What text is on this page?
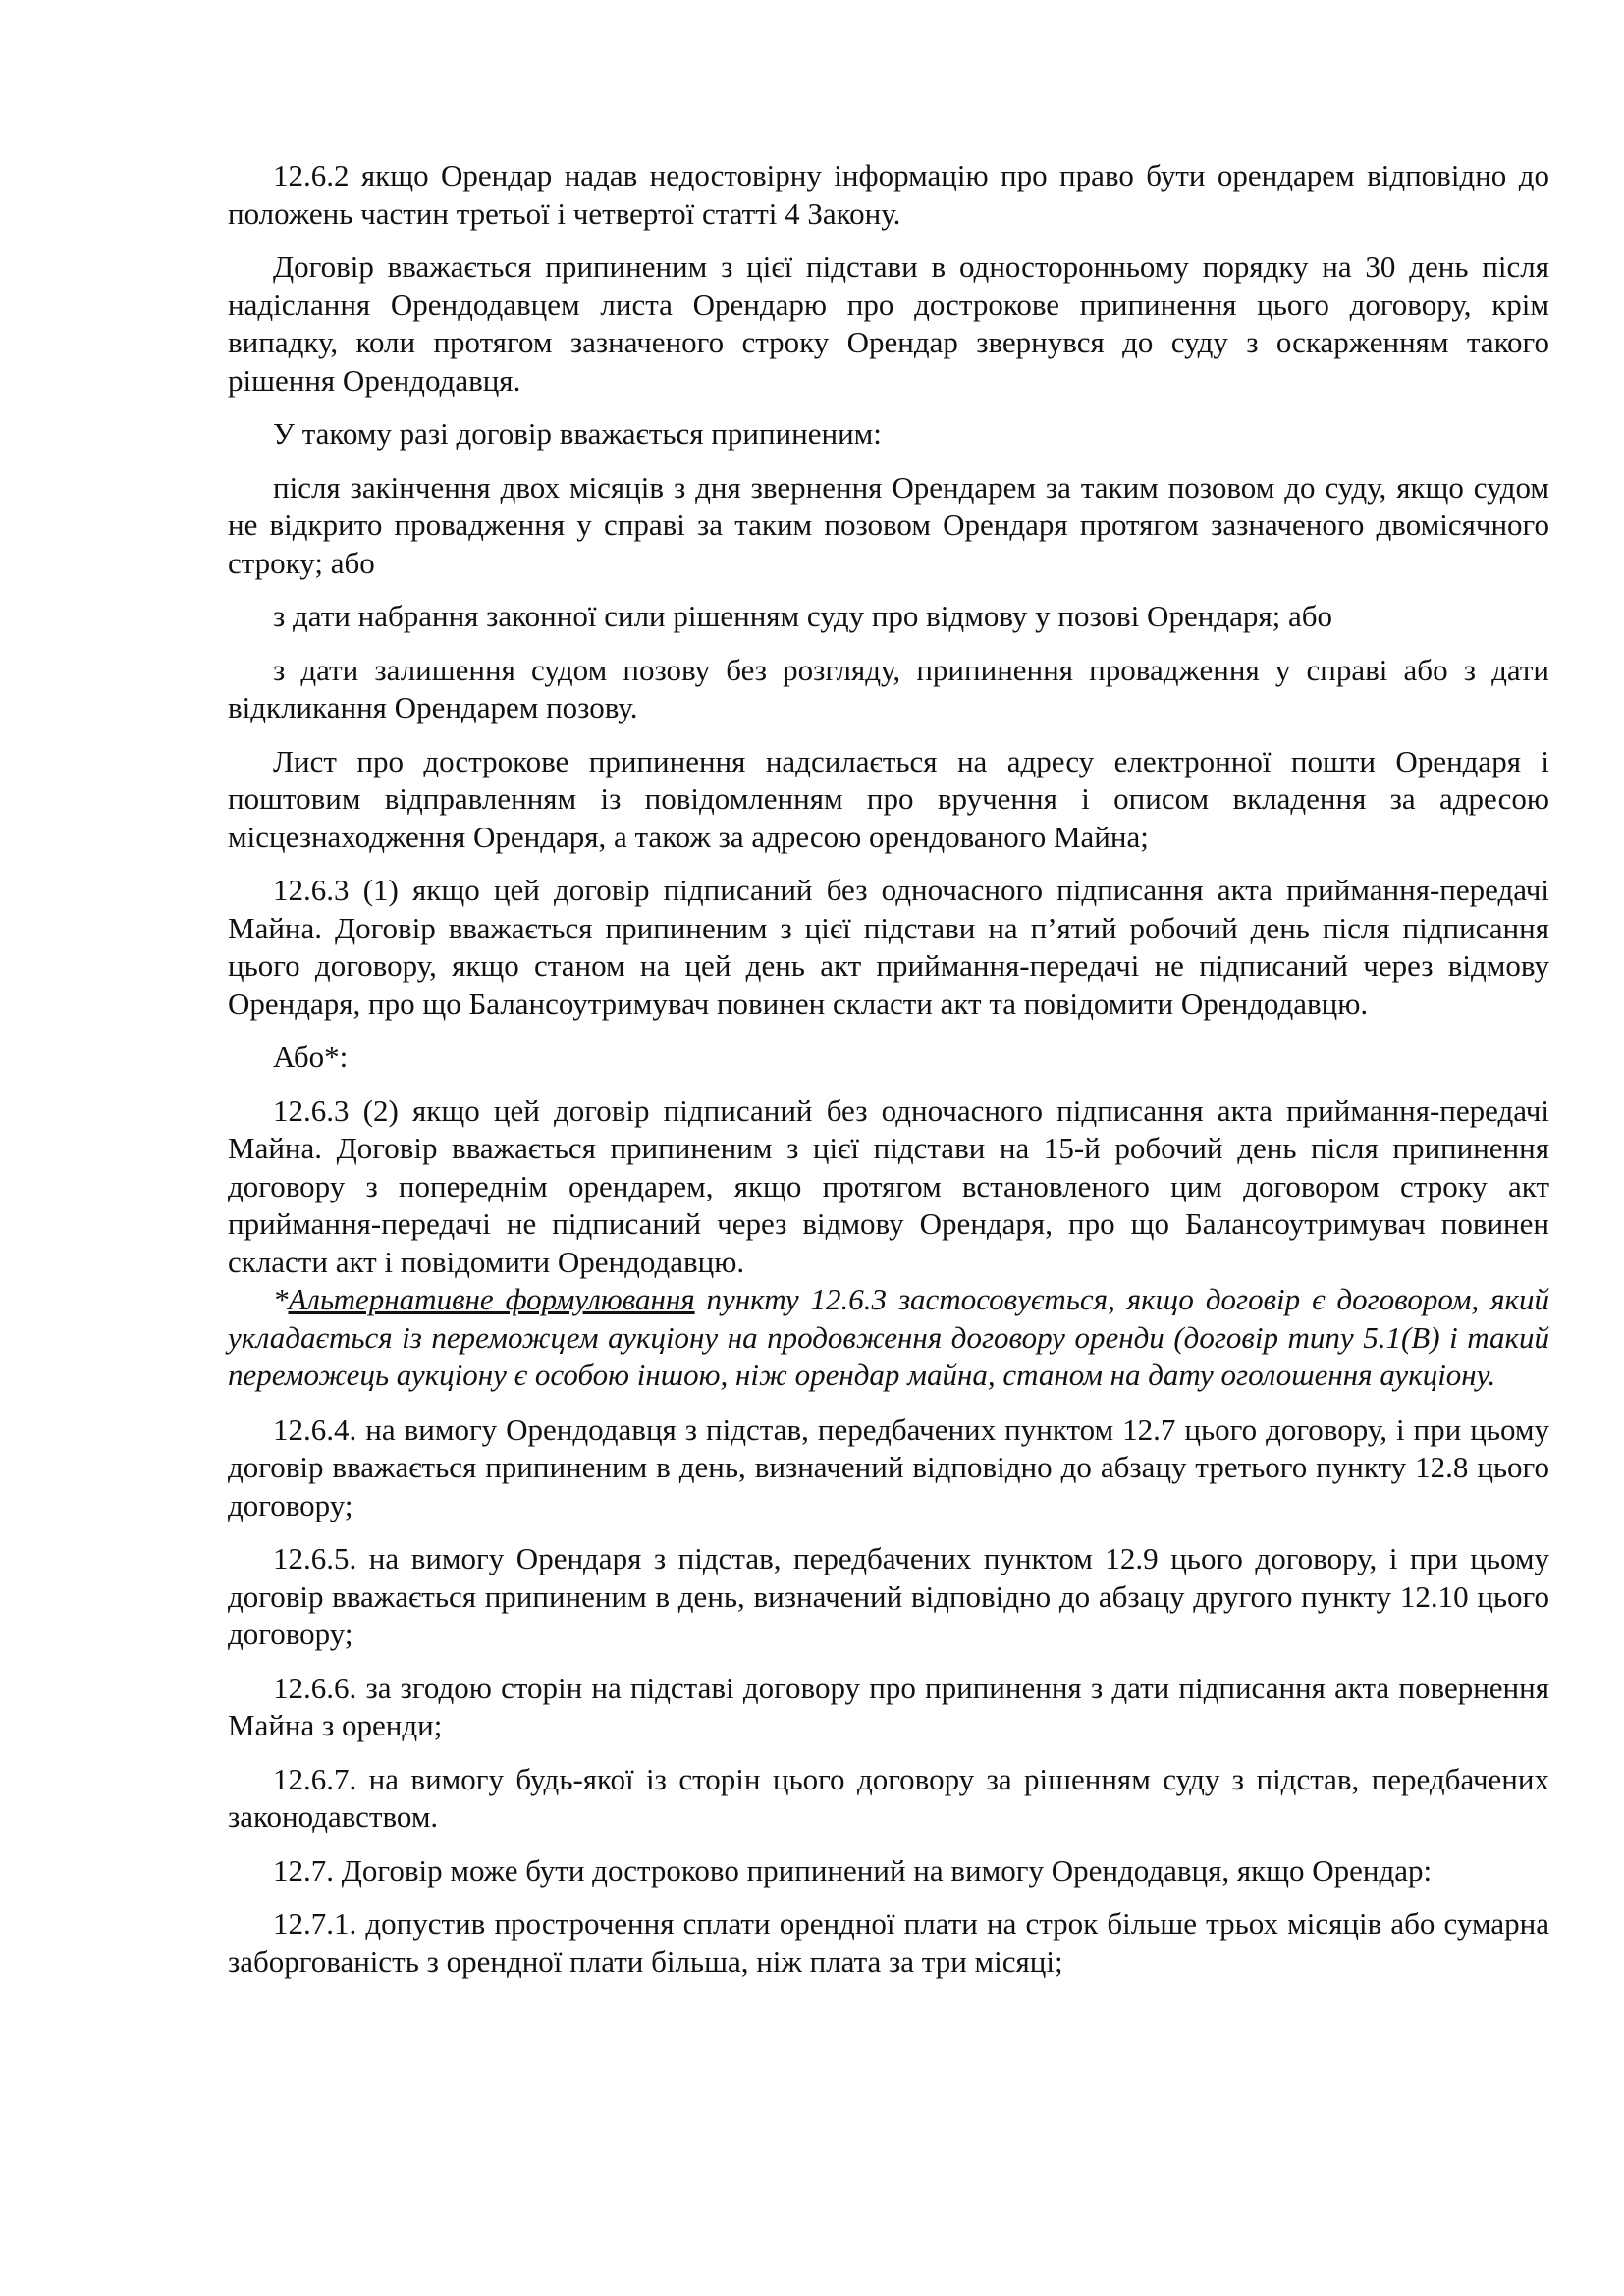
12.6.2 якщо Орендар надав недостовірну інформацію про право бути орендарем відповідно до положень частин третьої і четвертої статті 4 Закону.

Договір вважається припиненим з цієї підстави в односторонньому порядку на 30 день після надіслання Орендодавцем листа Орендарю про дострокове припинення цього договору, крім випадку, коли протягом зазначеного строку Орендар звернувся до суду з оскарженням такого рішення Орендодавця.

У такому разі договір вважається припиненим:

після закінчення двох місяців з дня звернення Орендарем за таким позовом до суду, якщо судом не відкрито провадження у справі за таким позовом Орендаря протягом зазначеного двомісячного строку; або

з дати набрання законної сили рішенням суду про відмову у позові Орендаря; або

з дати залишення судом позову без розгляду, припинення провадження у справі або з дати відкликання Орендарем позову.

Лист про дострокове припинення надсилається на адресу електронної пошти Орендаря і поштовим відправленням із повідомленням про вручення і описом вкладення за адресою місцезнаходження Орендаря, а також за адресою орендованого Майна;

12.6.3 (1) якщо цей договір підписаний без одночасного підписання акта приймання-передачі Майна. Договір вважається припиненим з цієї підстави на п’ятий робочий день після підписання цього договору, якщо станом на цей день акт приймання-передачі не підписаний через відмову Орендаря, про що Балансоутримувач повинен скласти акт та повідомити Орендодавцю.

Або*:

12.6.3 (2) якщо цей договір підписаний без одночасного підписання акта приймання-передачі Майна. Договір вважається припиненим з цієї підстави на 15-й робочий день після припинення договору з попереднім орендарем, якщо протягом встановленого цим договором строку акт приймання-передачі не підписаний через відмову Орендаря, про що Балансоутримувач повинен скласти акт і повідомити Орендодавцю.

*Альтернативне формулювання пункту 12.6.3 застосовується, якщо договір є договором, який укладається із переможцем аукціону на продовження договору оренди (договір типу 5.1(В) і такий переможець аукціону є особою іншою, ніж орендар майна, станом на дату оголошення аукціону.

12.6.4. на вимогу Орендодавця з підстав, передбачених пунктом 12.7 цього договору, і при цьому договір вважається припиненим в день, визначений відповідно до абзацу третього пункту 12.8 цього договору;

12.6.5. на вимогу Орендаря з підстав, передбачених пунктом 12.9 цього договору, і при цьому договір вважається припиненим в день, визначений відповідно до абзацу другого пункту 12.10 цього договору;

12.6.6. за згодою сторін на підставі договору про припинення з дати підписання акта повернення Майна з оренди;

12.6.7. на вимогу будь-якої із сторін цього договору за рішенням суду з підстав, передбачених законодавством.

12.7. Договір може бути достроково припинений на вимогу Орендодавця, якщо Орендар:

12.7.1. допустив прострочення сплати орендної плати на строк більше трьох місяців або сумарна заборгованість з орендної плати більша, ніж плата за три місяці;
